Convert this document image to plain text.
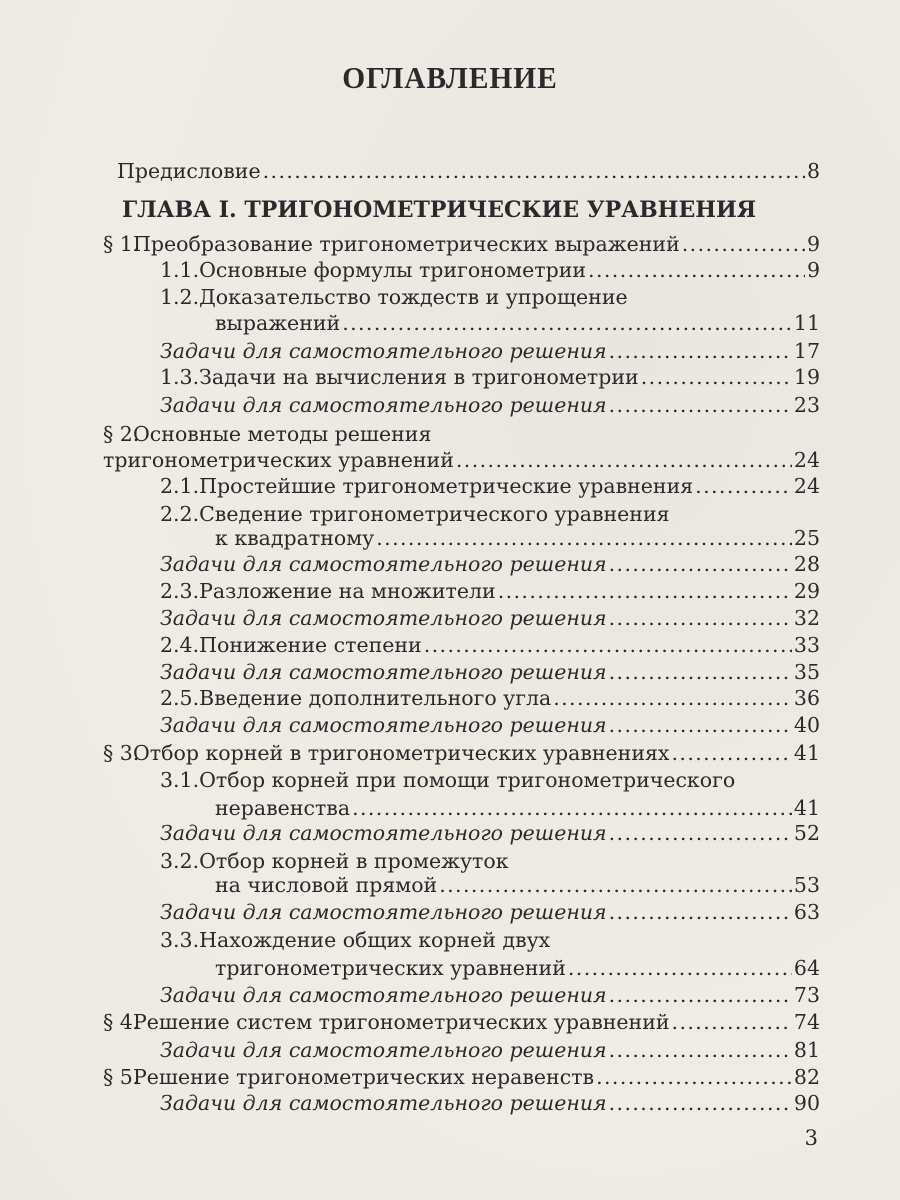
ОГЛАВЛЕНИЕ
Предисловие .....	8
ГЛАВА I. ТРИГОНОМЕТРИЧЕСКИЕ УРАВНЕНИЯ
§ 1.
Преобразование тригонометрических выражений .....	9
1.1. Основные формулы тригонометрии .....	9
1.2. Доказательство тождеств и упрощение
выражений .....	11
Задачи для самостоятельного решения .....	17
1.3. Задачи на вычисления в тригонометрии .....	19
Задачи для самостоятельного решения .....	23
§ 2.
Основные методы решения
тригонометрических уравнений .....	24
2.1. Простейшие тригонометрические уравнения .....	24
2.2. Сведение тригонометрического уравнения
к квадратному .....	25
Задачи для самостоятельного решения .....	28
2.3. Разложение на множители .....	29
Задачи для самостоятельного решения .....	32
2.4. Понижение степени .....	33
Задачи для самостоятельного решения .....	35
2.5. Введение дополнительного угла .....	36
Задачи для самостоятельного решения .....	40
§ 3.
Отбор корней в тригонометрических уравнениях .....	41
3.1. Отбор корней при помощи тригонометрического
неравенства .....	41
Задачи для самостоятельного решения .....	52
3.2. Отбор корней в промежуток
на числовой прямой .....	53
Задачи для самостоятельного решения .....	63
3.3. Нахождение общих корней двух
тригонометрических уравнений .....	64
Задачи для самостоятельного решения .....	73
§ 4.
Решение систем тригонометрических уравнений .....	74
Задачи для самостоятельного решения .....	81
§ 5.
Решение тригонометрических неравенств .....	82
Задачи для самостоятельного решения .....	90
3
